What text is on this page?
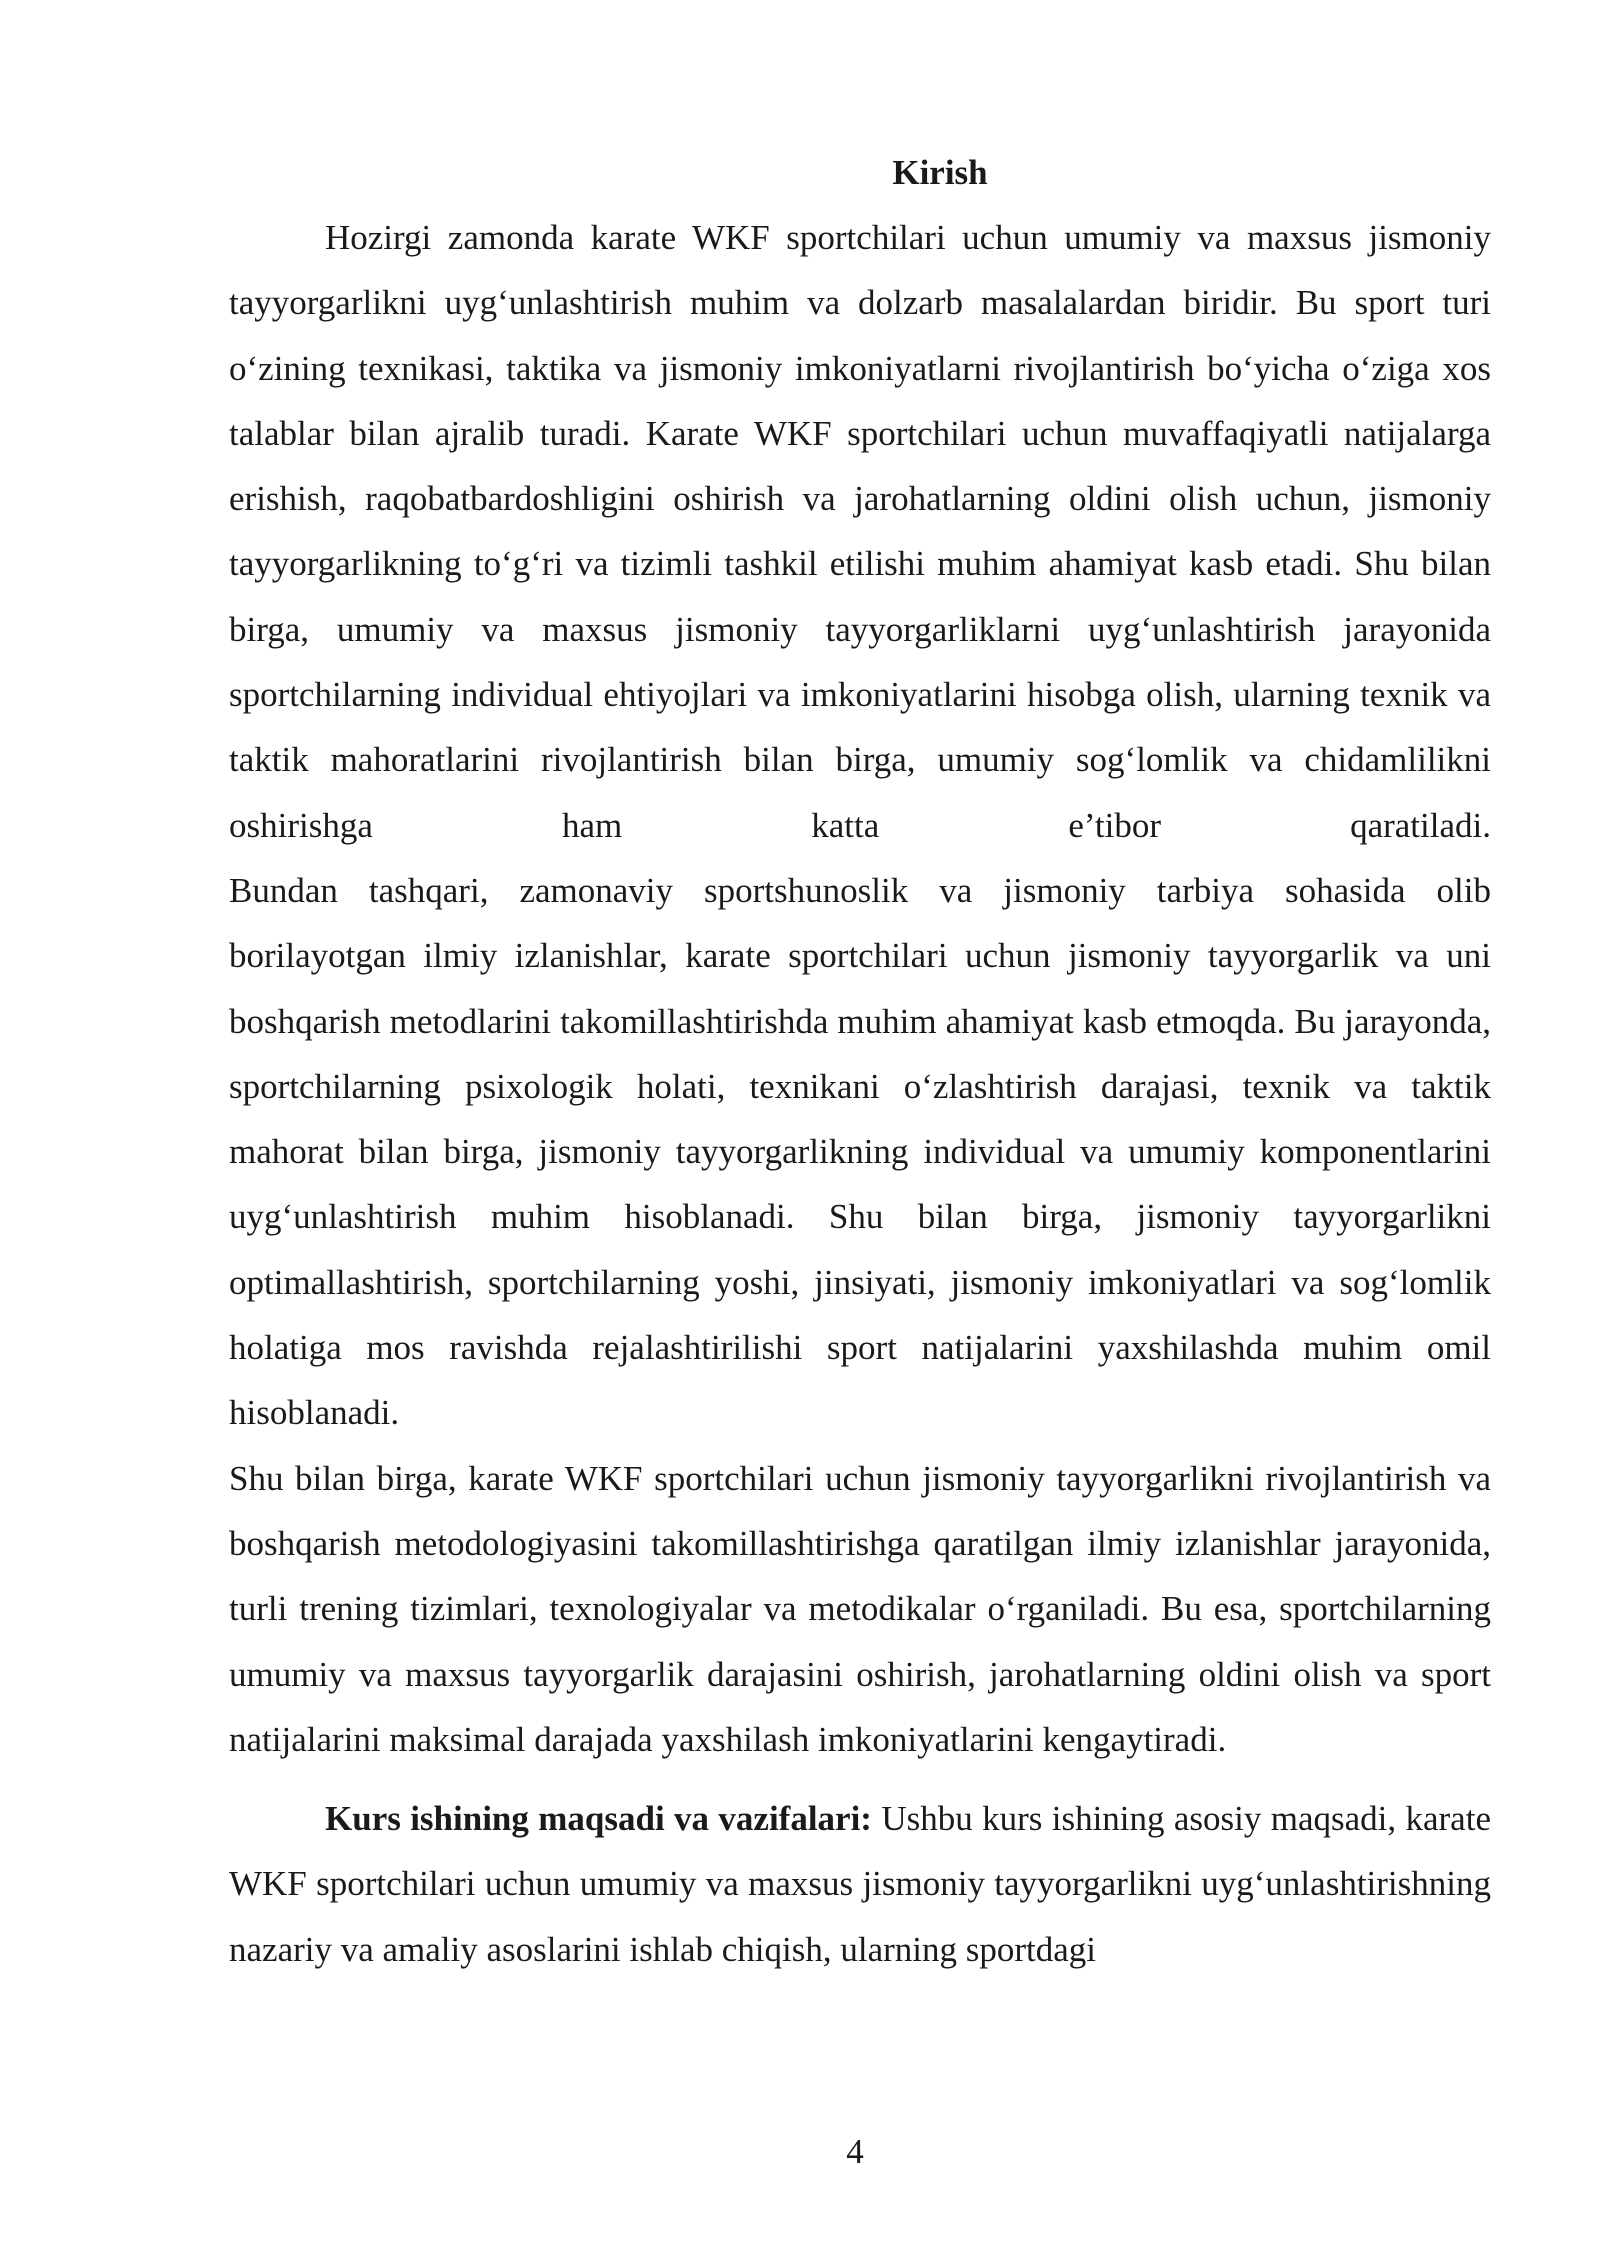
Kirish

Hozirgi zamonda karate WKF sportchilari uchun umumiy va maxsus jismoniy tayyorgarlikni uyg‘unlashtirish muhim va dolzarb masalalardan biridir. Bu sport turi o‘zining texnikasi, taktika va jismoniy imkoniyatlarni rivojlantirish bo‘yicha o‘ziga xos talablar bilan ajralib turadi. Karate WKF sportchilari uchun muvaffaqiyatli natijalarga erishish, raqobatbardoshligini oshirish va jarohatlarning oldini olish uchun, jismoniy tayyorgarlikning to‘g‘ri va tizimli tashkil etilishi muhim ahamiyat kasb etadi. Shu bilan birga, umumiy va maxsus jismoniy tayyorgarliklarni uyg‘unlashtirish jarayonida sportchilarning individual ehtiyojlari va imkoniyatlarini hisobga olish, ularning texnik va taktik mahoratlarini rivojlantirish bilan birga, umumiy sog‘lomlik va chidamlilikni oshirishga ham katta e’tibor qaratiladi.

Bundan tashqari, zamonaviy sportshunoslik va jismoniy tarbiya sohasida olib borilayotgan ilmiy izlanishlar, karate sportchilari uchun jismoniy tayyorgarlik va uni boshqarish metodlarini takomillashtirishda muhim ahamiyat kasb etmoqda. Bu jarayonda, sportchilarning psixologik holati, texnikani o‘zlashtirish darajasi, texnik va taktik mahorat bilan birga, jismoniy tayyorgarlikning individual va umumiy komponentlarini uyg‘unlashtirish muhim hisoblanadi. Shu bilan birga, jismoniy tayyorgarlikni optimallashtirish, sportchilarning yoshi, jinsiyati, jismoniy imkoniyatlari va sog‘lomlik holatiga mos ravishda rejalashtirilishi sport natijalarini yaxshilashda muhim omil hisoblanadi.

Shu bilan birga, karate WKF sportchilari uchun jismoniy tayyorgarlikni rivojlantirish va boshqarish metodologiyasini takomillashtirishga qaratilgan ilmiy izlanishlar jarayonida, turli trening tizimlari, texnologiyalar va metodikalar o‘rganiladi. Bu esa, sportchilarning umumiy va maxsus tayyorgarlik darajasini oshirish, jarohatlarning oldini olish va sport natijalarini maksimal darajada yaxshilash imkoniyatlarini kengaytiradi.

Kurs ishining maqsadi va vazifalari: Ushbu kurs ishining asosiy maqsadi, karate WKF sportchilari uchun umumiy va maxsus jismoniy tayyorgarlikni uyg‘unlashtirishning nazariy va amaliy asoslarini ishlab chiqish, ularning sportdagi

4
